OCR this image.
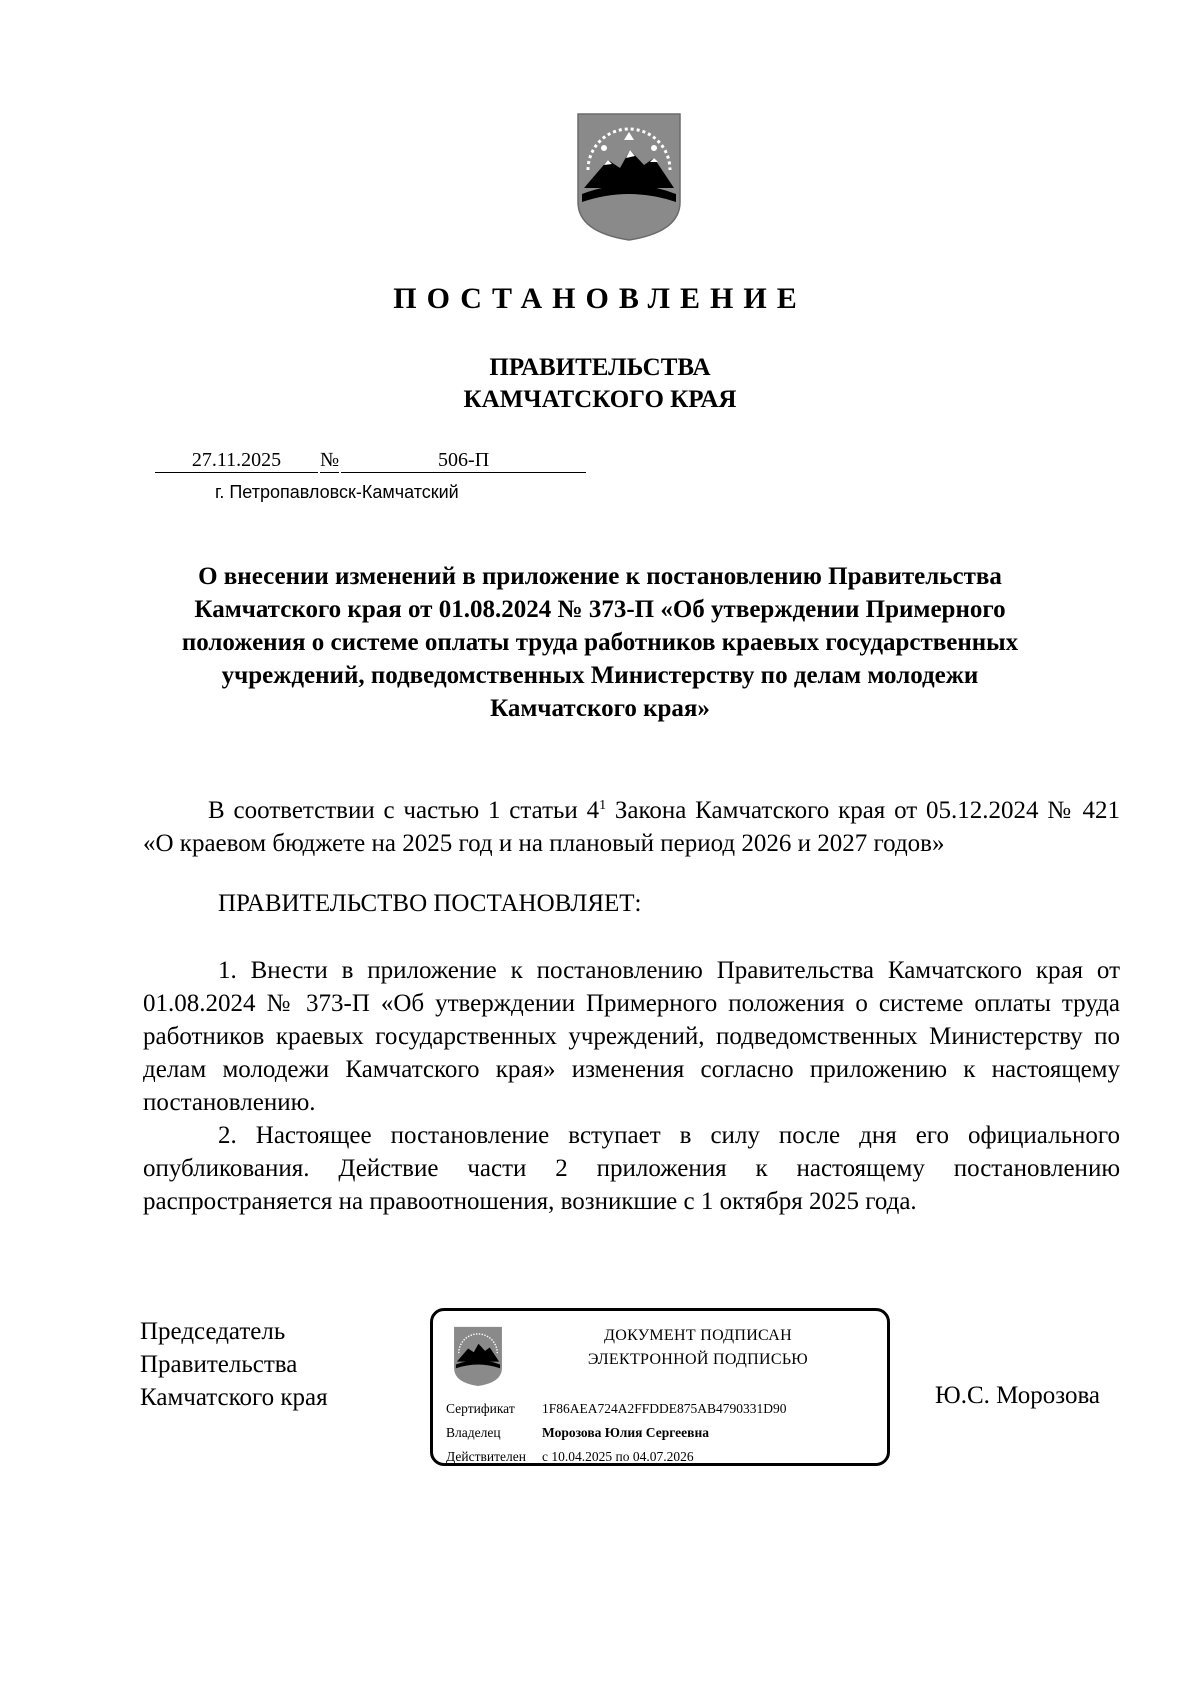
ПОСТАНОВЛЕНИЕ
ПРАВИТЕЛЬСТВА
КАМЧАТСКОГО КРАЯ
27.11.2025 №	506-П
г. Петропавловск-Камчатский
О внесении изменений в приложение к постановлению Правительства Камчатского края от 01.08.2024 № 373-П «Об утверждении Примерного положения о системе оплаты труда работников краевых государственных учреждений, подведомственных Министерству по делам молодежи Камчатского края»
В соответствии с частью 1 статьи $4^1$ Закона Камчатского края от 05.12.2024 № 421 «О краевом бюджете на 2025 год и на плановый период 2026 и 2027 годов»
ПРАВИТЕЛЬСТВО ПОСТАНОВЛЯЕТ:

1. Внести в приложение к постановлению Правительства Камчатского края от 01.08.2024 № 373-П «Об утверждении Примерного положения о системе оплаты труда работников краевых государственных учреждений, подведомственных Министерству по делам молодежи Камчатского края» изменения согласно приложению к настоящему постановлению.

2. Настоящее постановление вступает в силу после дня его официального опубликования. Действие части 2 приложения к настоящему постановлению распространяется на правоотношения, возникшие с 1 октября 2025 года.

Председатель
Правительства
Камчатского края
ДОКУМЕНТ ПОДПИСАН
ЭЛЕКТРОННОЙ ПОДПИСЬЮ
Сертификат 1F86AEA724A2FFDDE875AB4790331D90
Владелец	Морозова Юлия Сергеевна
Действителен с 10.04.2025 по 04.07.2026
Ю.С. Морозова
